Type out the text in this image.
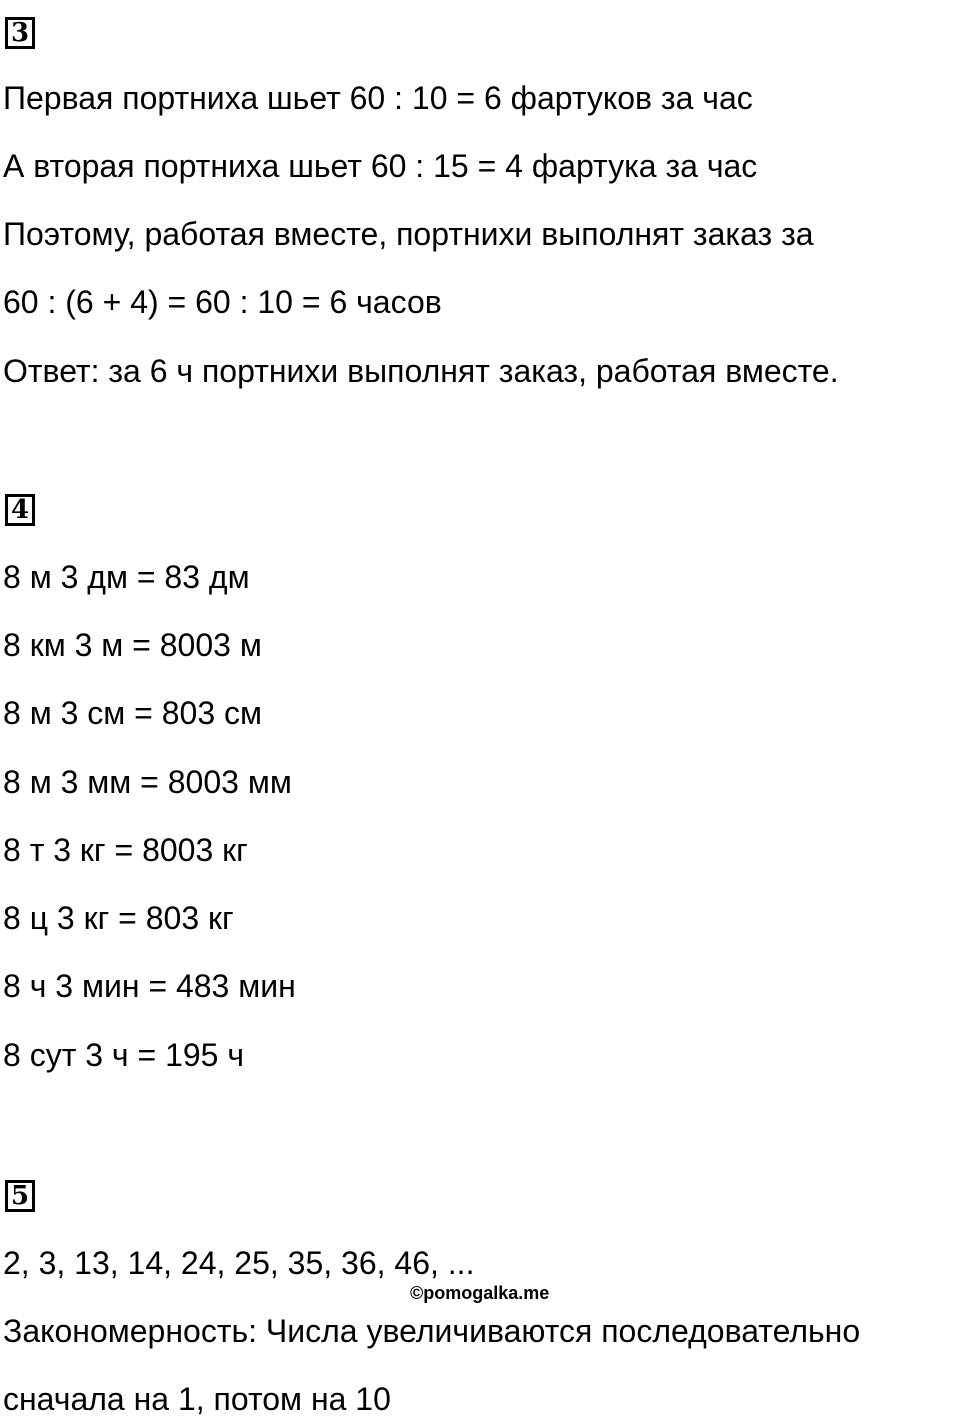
3
Первая портниха шьет 60 : 10 = 6 фартуков за час
А вторая портниха шьет 60 : 15 = 4 фартука за час
Поэтому, работая вместе, портнихи выполнят заказ за
60 : (6 + 4) = 60 : 10 = 6 часов
Ответ: за 6 ч портнихи выполнят заказ, работая вместе.
4
8 м 3 дм = 83 дм
8 км 3 м = 8003 м
8 м 3 см = 803 см
8 м 3 мм = 8003 мм
8 т 3 кг = 8003 кг
8 ц 3 кг = 803 кг
8 ч 3 мин = 483 мин
8 сут 3 ч = 195 ч
5
2, 3, 13, 14, 24, 25, 35, 36, 46, ...
©pomogalka.me
Закономерность: Числа увеличиваются последовательно
сначала на 1, потом на 10
